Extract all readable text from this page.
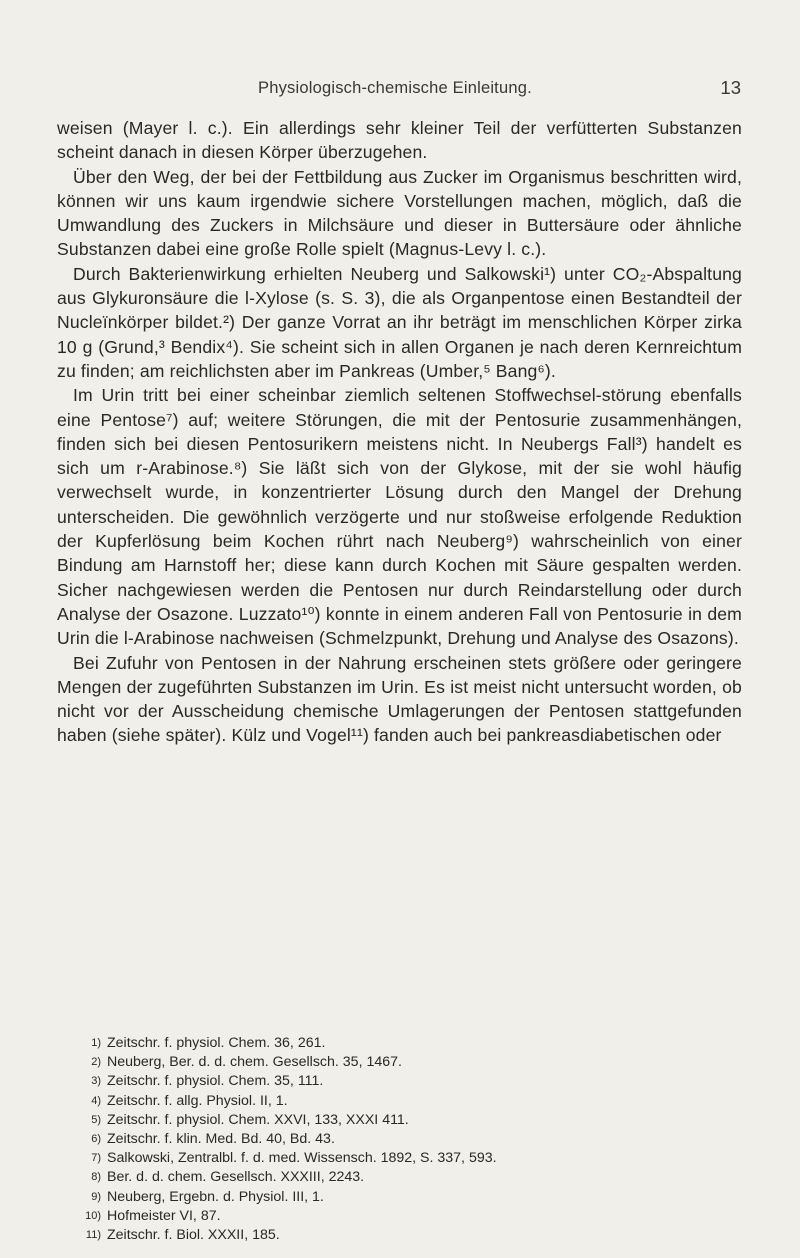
Physiologisch-chemische Einleitung.	13

weisen (Mayer l. c.). Ein allerdings sehr kleiner Teil der verfütterten Substanzen scheint danach in diesen Körper überzugehen.

Über den Weg, der bei der Fettbildung aus Zucker im Organismus beschritten wird, können wir uns kaum irgendwie sichere Vorstellungen machen, möglich, daß die Umwandlung des Zuckers in Milchsäure und dieser in Buttersäure oder ähnliche Substanzen dabei eine große Rolle spielt (Magnus-Levy l. c.).

Durch Bakterienwirkung erhielten Neuberg und Salkowski¹) unter CO₂-Abspaltung aus Glykuronsäure die l-Xylose (s. S. 3), die als Organpentose einen Bestandteil der Nucleïnkörper bildet.²) Der ganze Vorrat an ihr beträgt im menschlichen Körper zirka 10 g (Grund,³ Bendix⁴). Sie scheint sich in allen Organen je nach deren Kernreichtum zu finden; am reichlichsten aber im Pankreas (Umber,⁵ Bang⁶).

Im Urin tritt bei einer scheinbar ziemlich seltenen Stoffwechsel-störung ebenfalls eine Pentose⁷) auf; weitere Störungen, die mit der Pentosurie zusammenhängen, finden sich bei diesen Pentosurikern meistens nicht. In Neubergs Fall³) handelt es sich um r-Arabinose.⁸) Sie läßt sich von der Glykose, mit der sie wohl häufig verwechselt wurde, in konzentrierter Lösung durch den Mangel der Drehung unterscheiden. Die gewöhnlich verzögerte und nur stoßweise erfolgende Reduktion der Kupferlösung beim Kochen rührt nach Neuberg⁹) wahrscheinlich von einer Bindung am Harnstoff her; diese kann durch Kochen mit Säure gespalten werden. Sicher nachgewiesen werden die Pentosen nur durch Reindarstellung oder durch Analyse der Osazone. Luzzato¹⁰) konnte in einem anderen Fall von Pentosurie in dem Urin die l-Arabinose nachweisen (Schmelzpunkt, Drehung und Analyse des Osazons).

Bei Zufuhr von Pentosen in der Nahrung erscheinen stets größere oder geringere Mengen der zugeführten Substanzen im Urin. Es ist meist nicht untersucht worden, ob nicht vor der Ausscheidung chemische Umlagerungen der Pentosen stattgefunden haben (siehe später). Külz und Vogel¹¹) fanden auch bei pankreasdiabetischen oder

1) Zeitschr. f. physiol. Chem. 36, 261.
2) Neuberg, Ber. d. d. chem. Gesellsch. 35, 1467.
3) Zeitschr. f. physiol. Chem. 35, 111.
4) Zeitschr. f. allg. Physiol. II, 1.
5) Zeitschr. f. physiol. Chem. XXVI, 133, XXXI 411.
6) Zeitschr. f. klin. Med. Bd. 40, Bd. 43.
7) Salkowski, Zentralbl. f. d. med. Wissensch. 1892, S. 337, 593.
8) Ber. d. d. chem. Gesellsch. XXXIII, 2243.
9) Neuberg, Ergebn. d. Physiol. III, 1.
10) Hofmeister VI, 87.
11) Zeitschr. f. Biol. XXXII, 185.
